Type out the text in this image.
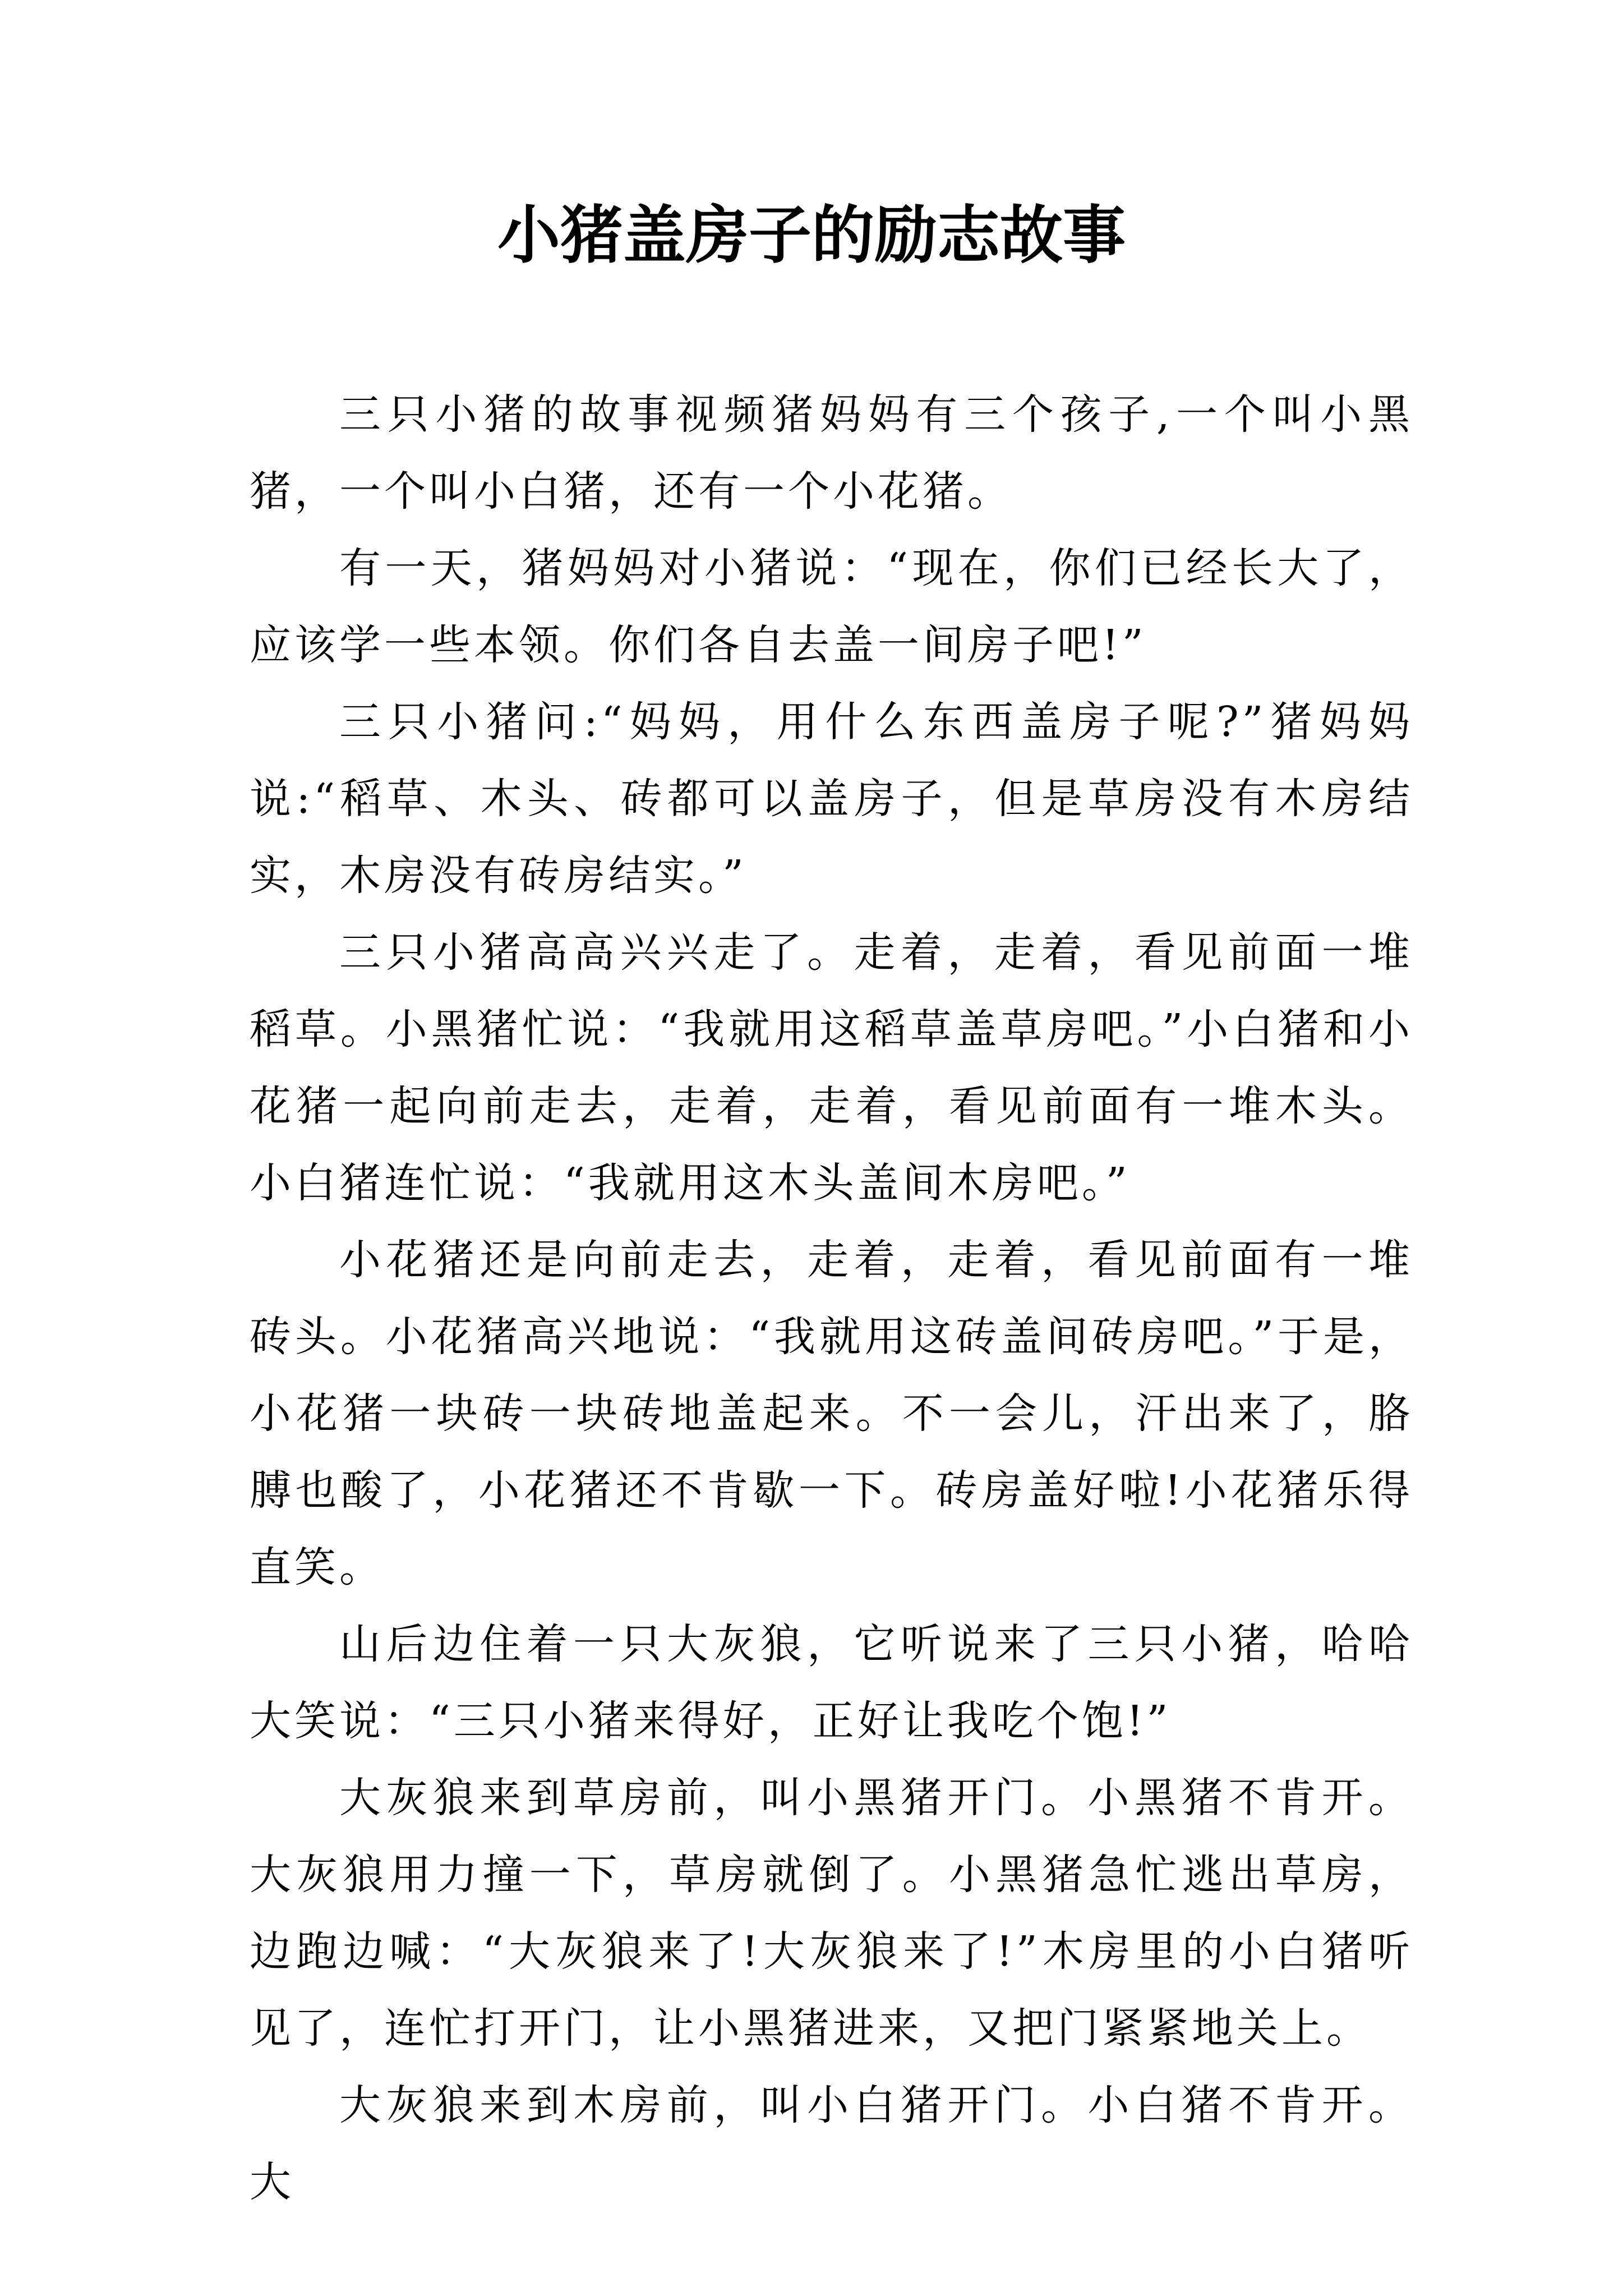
小猪盖房子的励志故事

三只小猪的故事视频猪妈妈有三个孩子,一个叫小黑猪，一个叫小白猪，还有一个小花猪。

有一天，猪妈妈对小猪说：“现在，你们已经长大了，应该学一些本领。你们各自去盖一间房子吧!”

三只小猪问:“妈妈，用什么东西盖房子呢?”猪妈妈说:“稻草、木头、砖都可以盖房子，但是草房没有木房结实，木房没有砖房结实。”

三只小猪高高兴兴走了。走着，走着，看见前面一堆稻草。小黑猪忙说：“我就用这稻草盖草房吧。”小白猪和小花猪一起向前走去，走着，走着，看见前面有一堆木头。小白猪连忙说：“我就用这木头盖间木房吧。”

小花猪还是向前走去，走着，走着，看见前面有一堆砖头。小花猪高兴地说：“我就用这砖盖间砖房吧。”于是，小花猪一块砖一块砖地盖起来。不一会儿，汗出来了，胳膊也酸了，小花猪还不肯歇一下。砖房盖好啦!小花猪乐得直笑。

山后边住着一只大灰狼，它听说来了三只小猪，哈哈大笑说：“三只小猪来得好，正好让我吃个饱!”

大灰狼来到草房前，叫小黑猪开门。小黑猪不肯开。大灰狼用力撞一下，草房就倒了。小黑猪急忙逃出草房，边跑边喊：“大灰狼来了!大灰狼来了!”木房里的小白猪听见了，连忙打开门，让小黑猪进来，又把门紧紧地关上。

大灰狼来到木房前，叫小白猪开门。小白猪不肯开。大
